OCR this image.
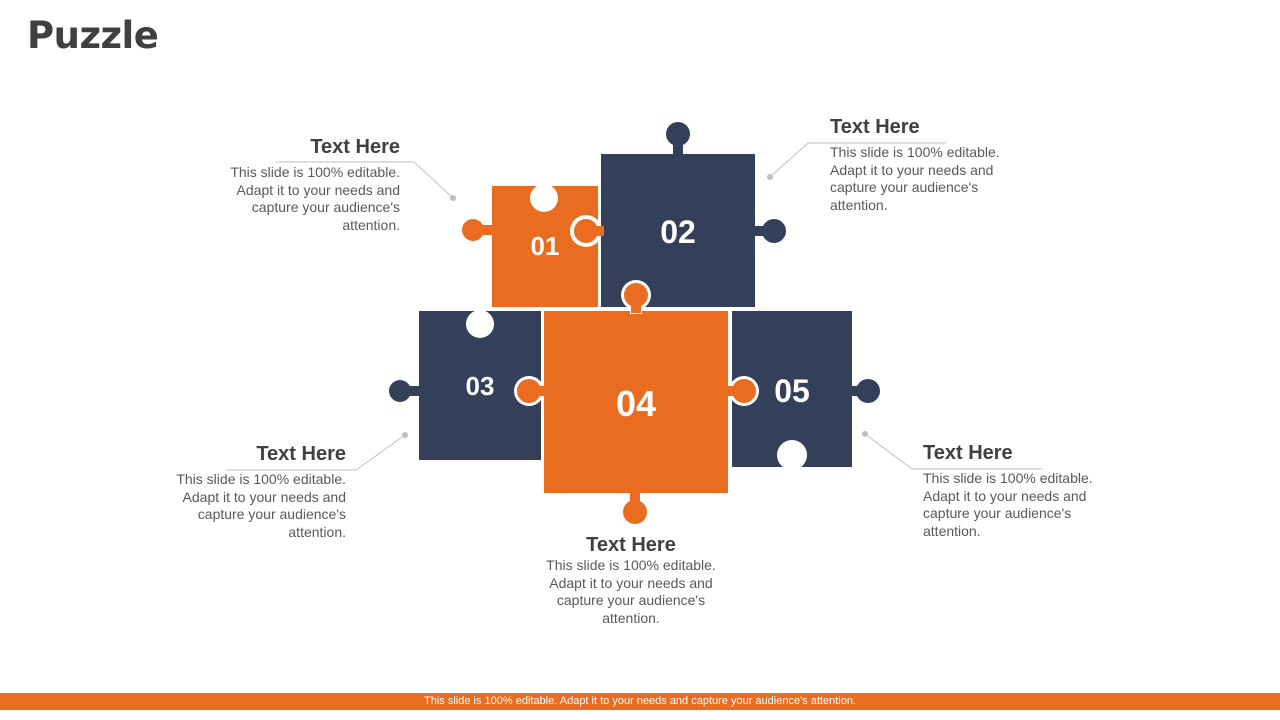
Puzzle
01	02
03	05
04
Text Here
This slide is 100% editable. Adapt it to your needs and capture your audience's attention.
Text Here
This slide is 100% editable. Adapt it to your needs and capture your audience's attention.
Text Here
This slide is 100% editable. Adapt it to your needs and capture your audience's attention.
Text Here
This slide is 100% editable. Adapt it to your needs and capture your audience's attention.
Text Here
This slide is 100% editable. Adapt it to your needs and capture your audience's attention.
This slide is 100% editable. Adapt it to your needs and capture your audience's attention.
